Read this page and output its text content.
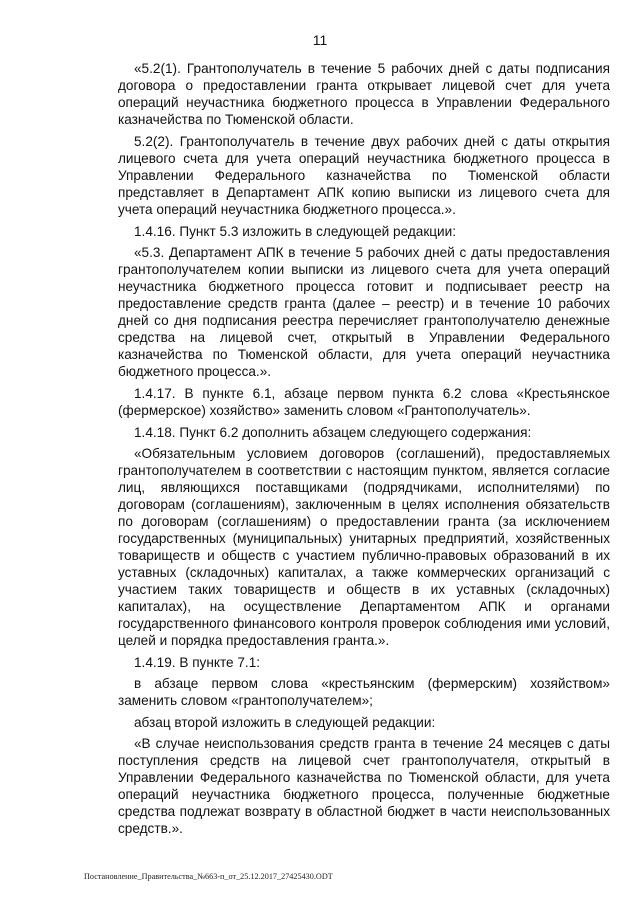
11

«5.2(1). Грантополучатель в течение 5 рабочих дней с даты подписания договора о предоставлении гранта открывает лицевой счет для учета операций неучастника бюджетного процесса в Управлении Федерального казначейства по Тюменской области.

5.2(2). Грантополучатель в течение двух рабочих дней с даты открытия лицевого счета для учета операций неучастника бюджетного процесса в Управлении Федерального казначейства по Тюменской области представляет в Департамент АПК копию выписки из лицевого счета для учета операций неучастника бюджетного процесса.».

1.4.16. Пункт 5.3 изложить в следующей редакции:

«5.3. Департамент АПК в течение 5 рабочих дней с даты предоставления грантополучателем копии выписки из лицевого счета для учета операций неучастника бюджетного процесса готовит и подписывает реестр на предоставление средств гранта (далее – реестр) и в течение 10 рабочих дней со дня подписания реестра перечисляет грантополучателю денежные средства на лицевой счет, открытый в Управлении Федерального казначейства по Тюменской области, для учета операций неучастника бюджетного процесса.».

1.4.17. В пункте 6.1, абзаце первом пункта 6.2 слова «Крестьянское (фермерское) хозяйство» заменить словом «Грантополучатель».

1.4.18. Пункт 6.2 дополнить абзацем следующего содержания:

«Обязательным условием договоров (соглашений), предоставляемых грантополучателем в соответствии с настоящим пунктом, является согласие лиц, являющихся поставщиками (подрядчиками, исполнителями) по договорам (соглашениям), заключенным в целях исполнения обязательств по договорам (соглашениям) о предоставлении гранта (за исключением государственных (муниципальных) унитарных предприятий, хозяйственных товариществ и обществ с участием публично-правовых образований в их уставных (складочных) капиталах, а также коммерческих организаций с участием таких товариществ и обществ в их уставных (складочных) капиталах), на осуществление Департаментом АПК и органами государственного финансового контроля проверок соблюдения ими условий, целей и порядка предоставления гранта.».

1.4.19. В пункте 7.1:

в абзаце первом слова «крестьянским (фермерским) хозяйством» заменить словом «грантополучателем»;

абзац второй изложить в следующей редакции:

«В случае неиспользования средств гранта в течение 24 месяцев с даты поступления средств на лицевой счет грантополучателя, открытый в Управлении Федерального казначейства по Тюменской области, для учета операций неучастника бюджетного процесса, полученные бюджетные средства подлежат возврату в областной бюджет в части неиспользованных средств.».

Постановление_Правительства_№663-п_от_25.12.2017_27425430.ODT
